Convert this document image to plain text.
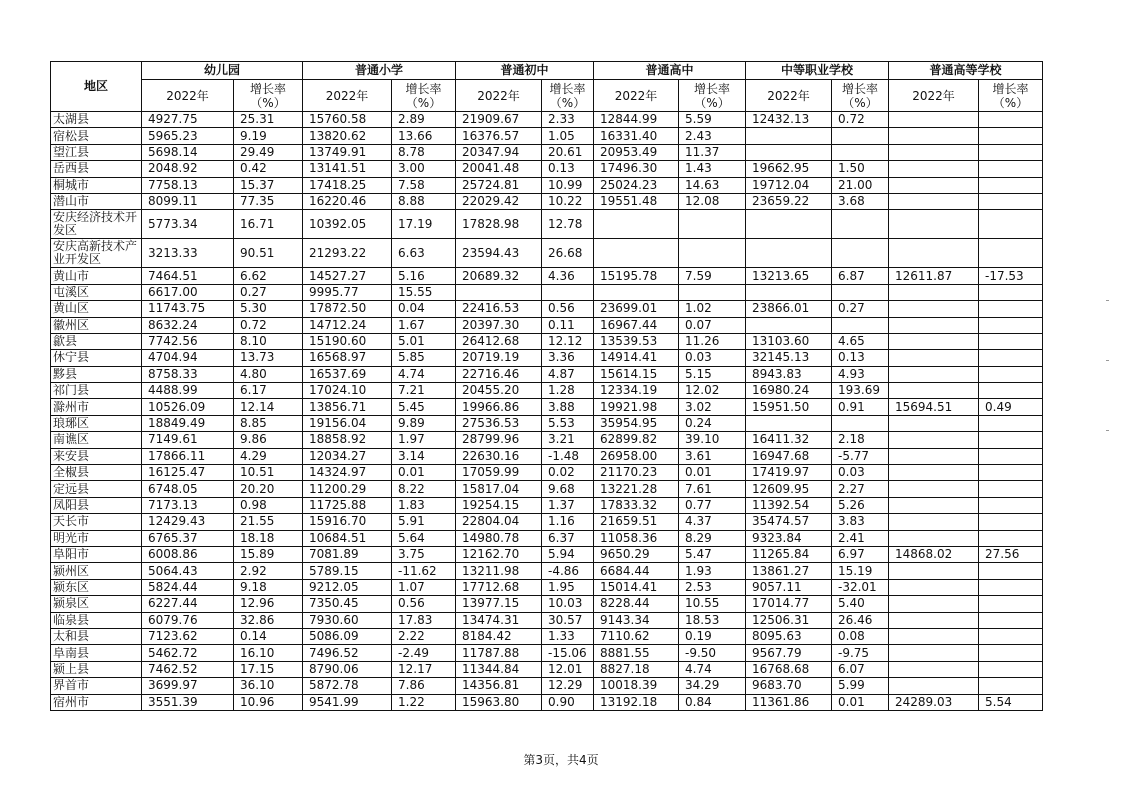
地区	幼儿园		普通小学		普通初中		普通高中		中等职业学校		普通高等学校	
	2022年	增长率（%）	2022年	增长率（%）	2022年	增长率（%）	2022年	增长率（%）	2022年	增长率（%）	2022年	增长率（%）
太湖县	4927.75	25.31	15760.58	2.89	21909.67	2.33	12844.99	5.59	12432.13	0.72		
宿松县	5965.23	9.19	13820.62	13.66	16376.57	1.05	16331.40	2.43				
望江县	5698.14	29.49	13749.91	8.78	20347.94	20.61	20953.49	11.37				
岳西县	2048.92	0.42	13141.51	3.00	20041.48	0.13	17496.30	1.43	19662.95	1.50		
桐城市	7758.13	15.37	17418.25	7.58	25724.81	10.99	25024.23	14.63	19712.04	21.00		
潜山市	8099.11	77.35	16220.46	8.88	22029.42	10.22	19551.48	12.08	23659.22	3.68		
安庆经济技术开发区	5773.34	16.71	10392.05	17.19	17828.98	12.78						
安庆高新技术产业开发区	3213.33	90.51	21293.22	6.63	23594.43	26.68						
黄山市	7464.51	6.62	14527.27	5.16	20689.32	4.36	15195.78	7.59	13213.65	6.87	12611.87	-17.53
屯溪区	6617.00	0.27	9995.77	15.55								
黄山区	11743.75	5.30	17872.50	0.04	22416.53	0.56	23699.01	1.02	23866.01	0.27		
徽州区	8632.24	0.72	14712.24	1.67	20397.30	0.11	16967.44	0.07				
歙县	7742.56	8.10	15190.60	5.01	26412.68	12.12	13539.53	11.26	13103.60	4.65		
休宁县	4704.94	13.73	16568.97	5.85	20719.19	3.36	14914.41	0.03	32145.13	0.13		
黟县	8758.33	4.80	16537.69	4.74	22716.46	4.87	15614.15	5.15	8943.83	4.93		
祁门县	4488.99	6.17	17024.10	7.21	20455.20	1.28	12334.19	12.02	16980.24	193.69		
滁州市	10526.09	12.14	13856.71	5.45	19966.86	3.88	19921.98	3.02	15951.50	0.91	15694.51	0.49
琅琊区	18849.49	8.85	19156.04	9.89	27536.53	5.53	35954.95	0.24				
南谯区	7149.61	9.86	18858.92	1.97	28799.96	3.21	62899.82	39.10	16411.32	2.18		
来安县	17866.11	4.29	12034.27	3.14	22630.16	-1.48	26958.00	3.61	16947.68	-5.77		
全椒县	16125.47	10.51	14324.97	0.01	17059.99	0.02	21170.23	0.01	17419.97	0.03		
定远县	6748.05	20.20	11200.29	8.22	15817.04	9.68	13221.28	7.61	12609.95	2.27		
凤阳县	7173.13	0.98	11725.88	1.83	19254.15	1.37	17833.32	0.77	11392.54	5.26		
天长市	12429.43	21.55	15916.70	5.91	22804.04	1.16	21659.51	4.37	35474.57	3.83		
明光市	6765.37	18.18	10684.51	5.64	14980.78	6.37	11058.36	8.29	9323.84	2.41		
阜阳市	6008.86	15.89	7081.89	3.75	12162.70	5.94	9650.29	5.47	11265.84	6.97	14868.02	27.56
颍州区	5064.43	2.92	5789.15	-11.62	13211.98	-4.86	6684.44	1.93	13861.27	15.19		
颍东区	5824.44	9.18	9212.05	1.07	17712.68	1.95	15014.41	2.53	9057.11	-32.01		
颍泉区	6227.44	12.96	7350.45	0.56	13977.15	10.03	8228.44	10.55	17014.77	5.40		
临泉县	6079.76	32.86	7930.60	17.83	13474.31	30.57	9143.34	18.53	12506.31	26.46		
太和县	7123.62	0.14	5086.09	2.22	8184.42	1.33	7110.62	0.19	8095.63	0.08		
阜南县	5462.72	16.10	7496.52	-2.49	11787.88	-15.06	8881.55	-9.50	9567.79	-9.75		
颍上县	7462.52	17.15	8790.06	12.17	11344.84	12.01	8827.18	4.74	16768.68	6.07		
界首市	3699.97	36.10	5872.78	7.86	14356.81	12.29	10018.39	34.29	9683.70	5.99		
宿州市	3551.39	10.96	9541.99	1.22	15963.80	0.90	13192.18	0.84	11361.86	0.01	24289.03	5.54
第3页，共4页
